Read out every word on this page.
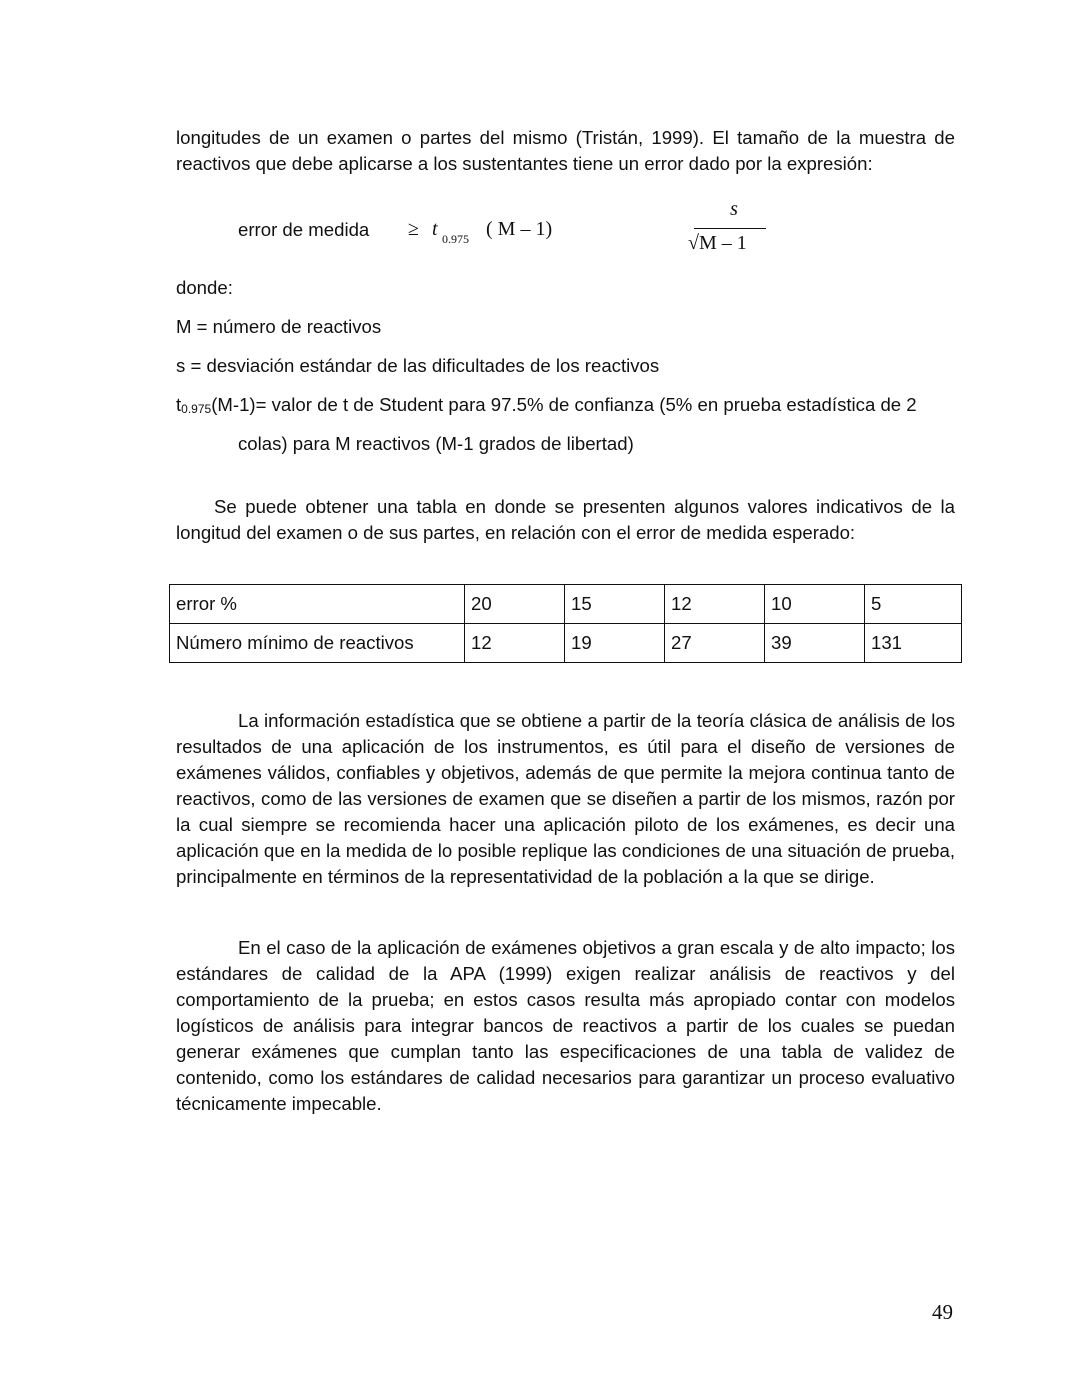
longitudes de un examen o partes del mismo (Tristán, 1999). El tamaño de la muestra de reactivos que debe aplicarse a los sustentantes tiene un error dado por la expresión:

error de medida ≥ t 0.975 ( M – 1)
s
√M – 1
donde:
M = número de reactivos
s = desviación estándar de las dificultades de los reactivos
t0.975(M-1)= valor de t de Student para 97.5% de confianza (5% en prueba estadística de 2
colas) para M reactivos (M-1 grados de libertad)

Se puede obtener una tabla en donde se presenten algunos valores indicativos de la longitud del examen o de sus partes, en relación con el error de medida esperado:

error %	20	15	12	10	5
Número mínimo de reactivos	12	19	27	39	131

La información estadística que se obtiene a partir de la teoría clásica de análisis de los resultados de una aplicación de los instrumentos, es útil para el diseño de versiones de exámenes válidos, confiables y objetivos, además de que permite la mejora continua tanto de reactivos, como de las versiones de examen que se diseñen a partir de los mismos, razón por la cual siempre se recomienda hacer una aplicación piloto de los exámenes, es decir una aplicación que en la medida de lo posible replique las condiciones de una situación de prueba, principalmente en términos de la representatividad de la población a la que se dirige.

En el caso de la aplicación de exámenes objetivos a gran escala y de alto impacto; los estándares de calidad de la APA (1999) exigen realizar análisis de reactivos y del comportamiento de la prueba; en estos casos resulta más apropiado contar con modelos logísticos de análisis para integrar bancos de reactivos a partir de los cuales se puedan generar exámenes que cumplan tanto las especificaciones de una tabla de validez de contenido, como los estándares de calidad necesarios para garantizar un proceso evaluativo técnicamente impecable.

49
